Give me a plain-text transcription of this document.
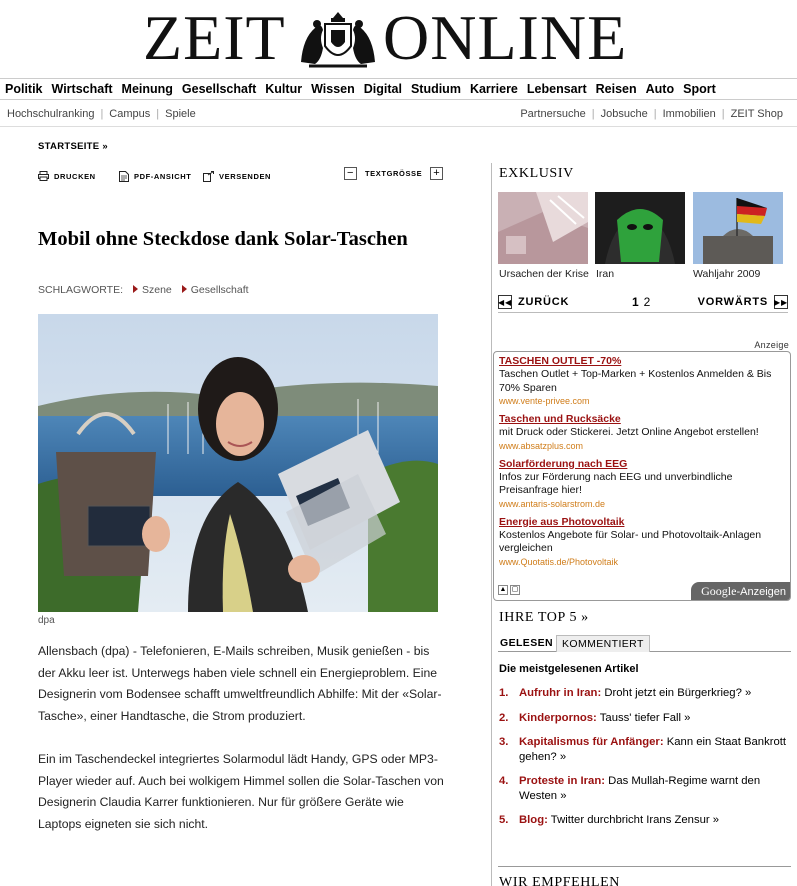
ZEIT ONLINE
Politik Wirtschaft Meinung Gesellschaft Kultur Wissen Digital Studium Karriere Lebensart Reisen Auto Sport
Hochschulranking | Campus | Spiele	Partnersuche | Jobsuche | Immobilien | ZEIT Shop
STARTSEITE »
DRUCKEN	PDF-ANSICHT	VERSENDEN	−	TEXTGRÖSSE +
Mobil ohne Steckdose dank Solar-Taschen
SCHLAGWORTE: Szene Gesellschaft
dpa

Allensbach (dpa) - Telefonieren, E-Mails schreiben, Musik genießen - bis der Akku leer ist. Unterwegs haben viele schnell ein Energieproblem. Eine Designerin vom Bodensee schafft umweltfreundlich Abhilfe: Mit der «Solar-Tasche», einer Handtasche, die Strom produziert.

Ein im Taschendeckel integriertes Solarmodul lädt Handy, GPS oder MP3-Player wieder auf. Auch bei wolkigem Himmel sollen die Solar-Taschen von Designerin Claudia Karrer funktionieren. Nur für größere Geräte wie Laptops eigneten sie sich nicht.

EXKLUSIV
Ursachen der Krise Iran	Wahljahr 2009
◀◀ ZURÜCK	1 2	VORWÄRTS ▶▶
Anzeige
TASCHEN OUTLET -70%
Taschen Outlet + Top-Marken + Kostenlos Anmelden & Bis 70% Sparen
www.vente-privee.com
Taschen und Rucksäcke
mit Druck oder Stickerei. Jetzt Online Angebot erstellen!
www.absatzplus.com
Solarförderung nach EEG
Infos zur Förderung nach EEG und unverbindliche Preisanfrage hier!
www.antaris-solarstrom.de
Energie aus Photovoltaik
Kostenlos Angebote für Solar- und Photovoltaik-Anlagen vergleichen
www.Quotatis.de/Photovoltaik
▲ ▢	Google-Anzeigen
IHRE TOP 5 »
GELESEN KOMMENTIERT
Die meistgelesenen Artikel
1. Aufruhr in Iran: Droht jetzt ein Bürgerkrieg? »
2. Kinderpornos: Tauss' tiefer Fall »
3. Kapitalismus für Anfänger: Kann ein Staat Bankrott gehen? »
4. Proteste in Iran: Das Mullah-Regime warnt den Westen »
5. Blog: Twitter durchbricht Irans Zensur »
WIR EMPFEHLEN
